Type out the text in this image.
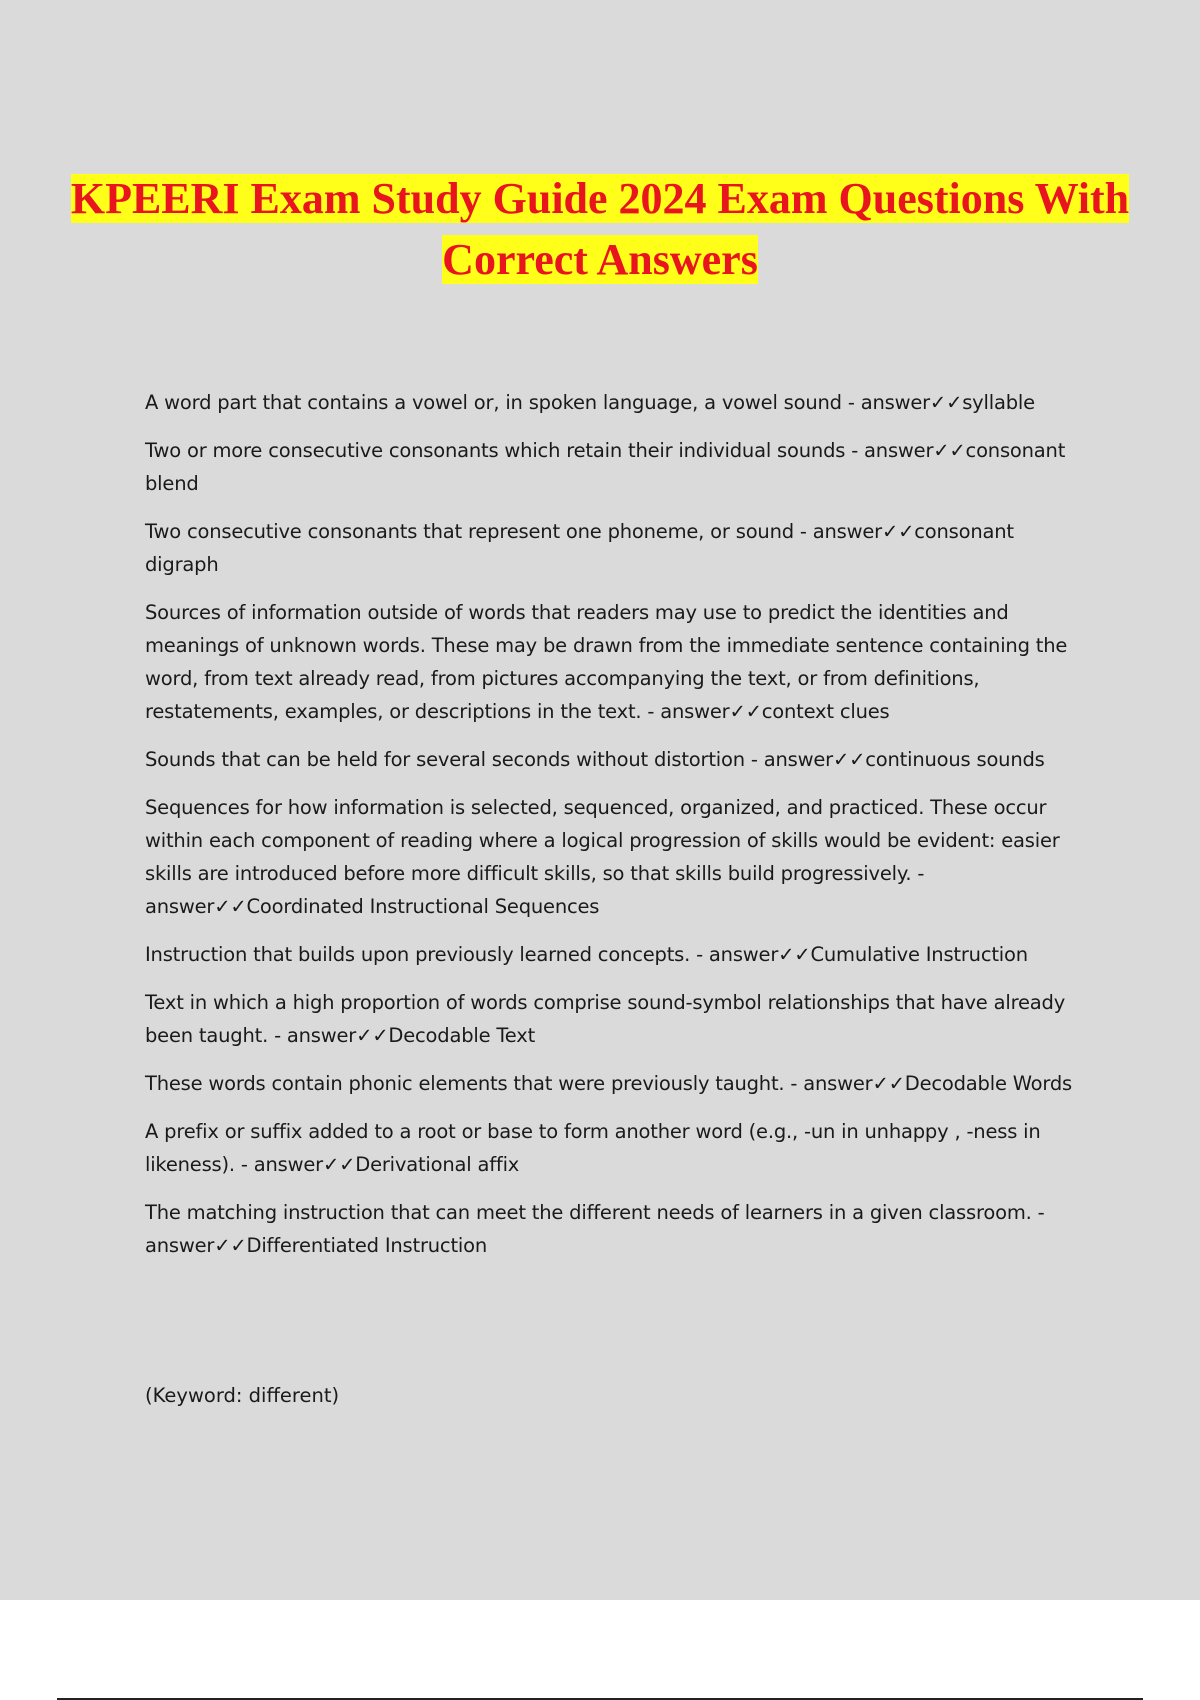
KPEERI Exam Study Guide 2024 Exam Questions With Correct Answers

A word part that contains a vowel or, in spoken language, a vowel sound - answer✓✓syllable

Two or more consecutive consonants which retain their individual sounds - answer✓✓consonant blend

Two consecutive consonants that represent one phoneme, or sound - answer✓✓consonant digraph

Sources of information outside of words that readers may use to predict the identities and meanings of unknown words. These may be drawn from the immediate sentence containing the word, from text already read, from pictures accompanying the text, or from definitions, restatements, examples, or descriptions in the text. - answer✓✓context clues

Sounds that can be held for several seconds without distortion - answer✓✓continuous sounds

Sequences for how information is selected, sequenced, organized, and practiced. These occur within each component of reading where a logical progression of skills would be evident: easier skills are introduced before more difficult skills, so that skills build progressively. - answer✓✓Coordinated Instructional Sequences

Instruction that builds upon previously learned concepts. - answer✓✓Cumulative Instruction

Text in which a high proportion of words comprise sound-symbol relationships that have already been taught. - answer✓✓Decodable Text

These words contain phonic elements that were previously taught. - answer✓✓Decodable Words

A prefix or suffix added to a root or base to form another word (e.g., -un in unhappy , -ness in likeness). - answer✓✓Derivational affix

The matching instruction that can meet the different needs of learners in a given classroom. - answer✓✓Differentiated Instruction

(Keyword: different)
